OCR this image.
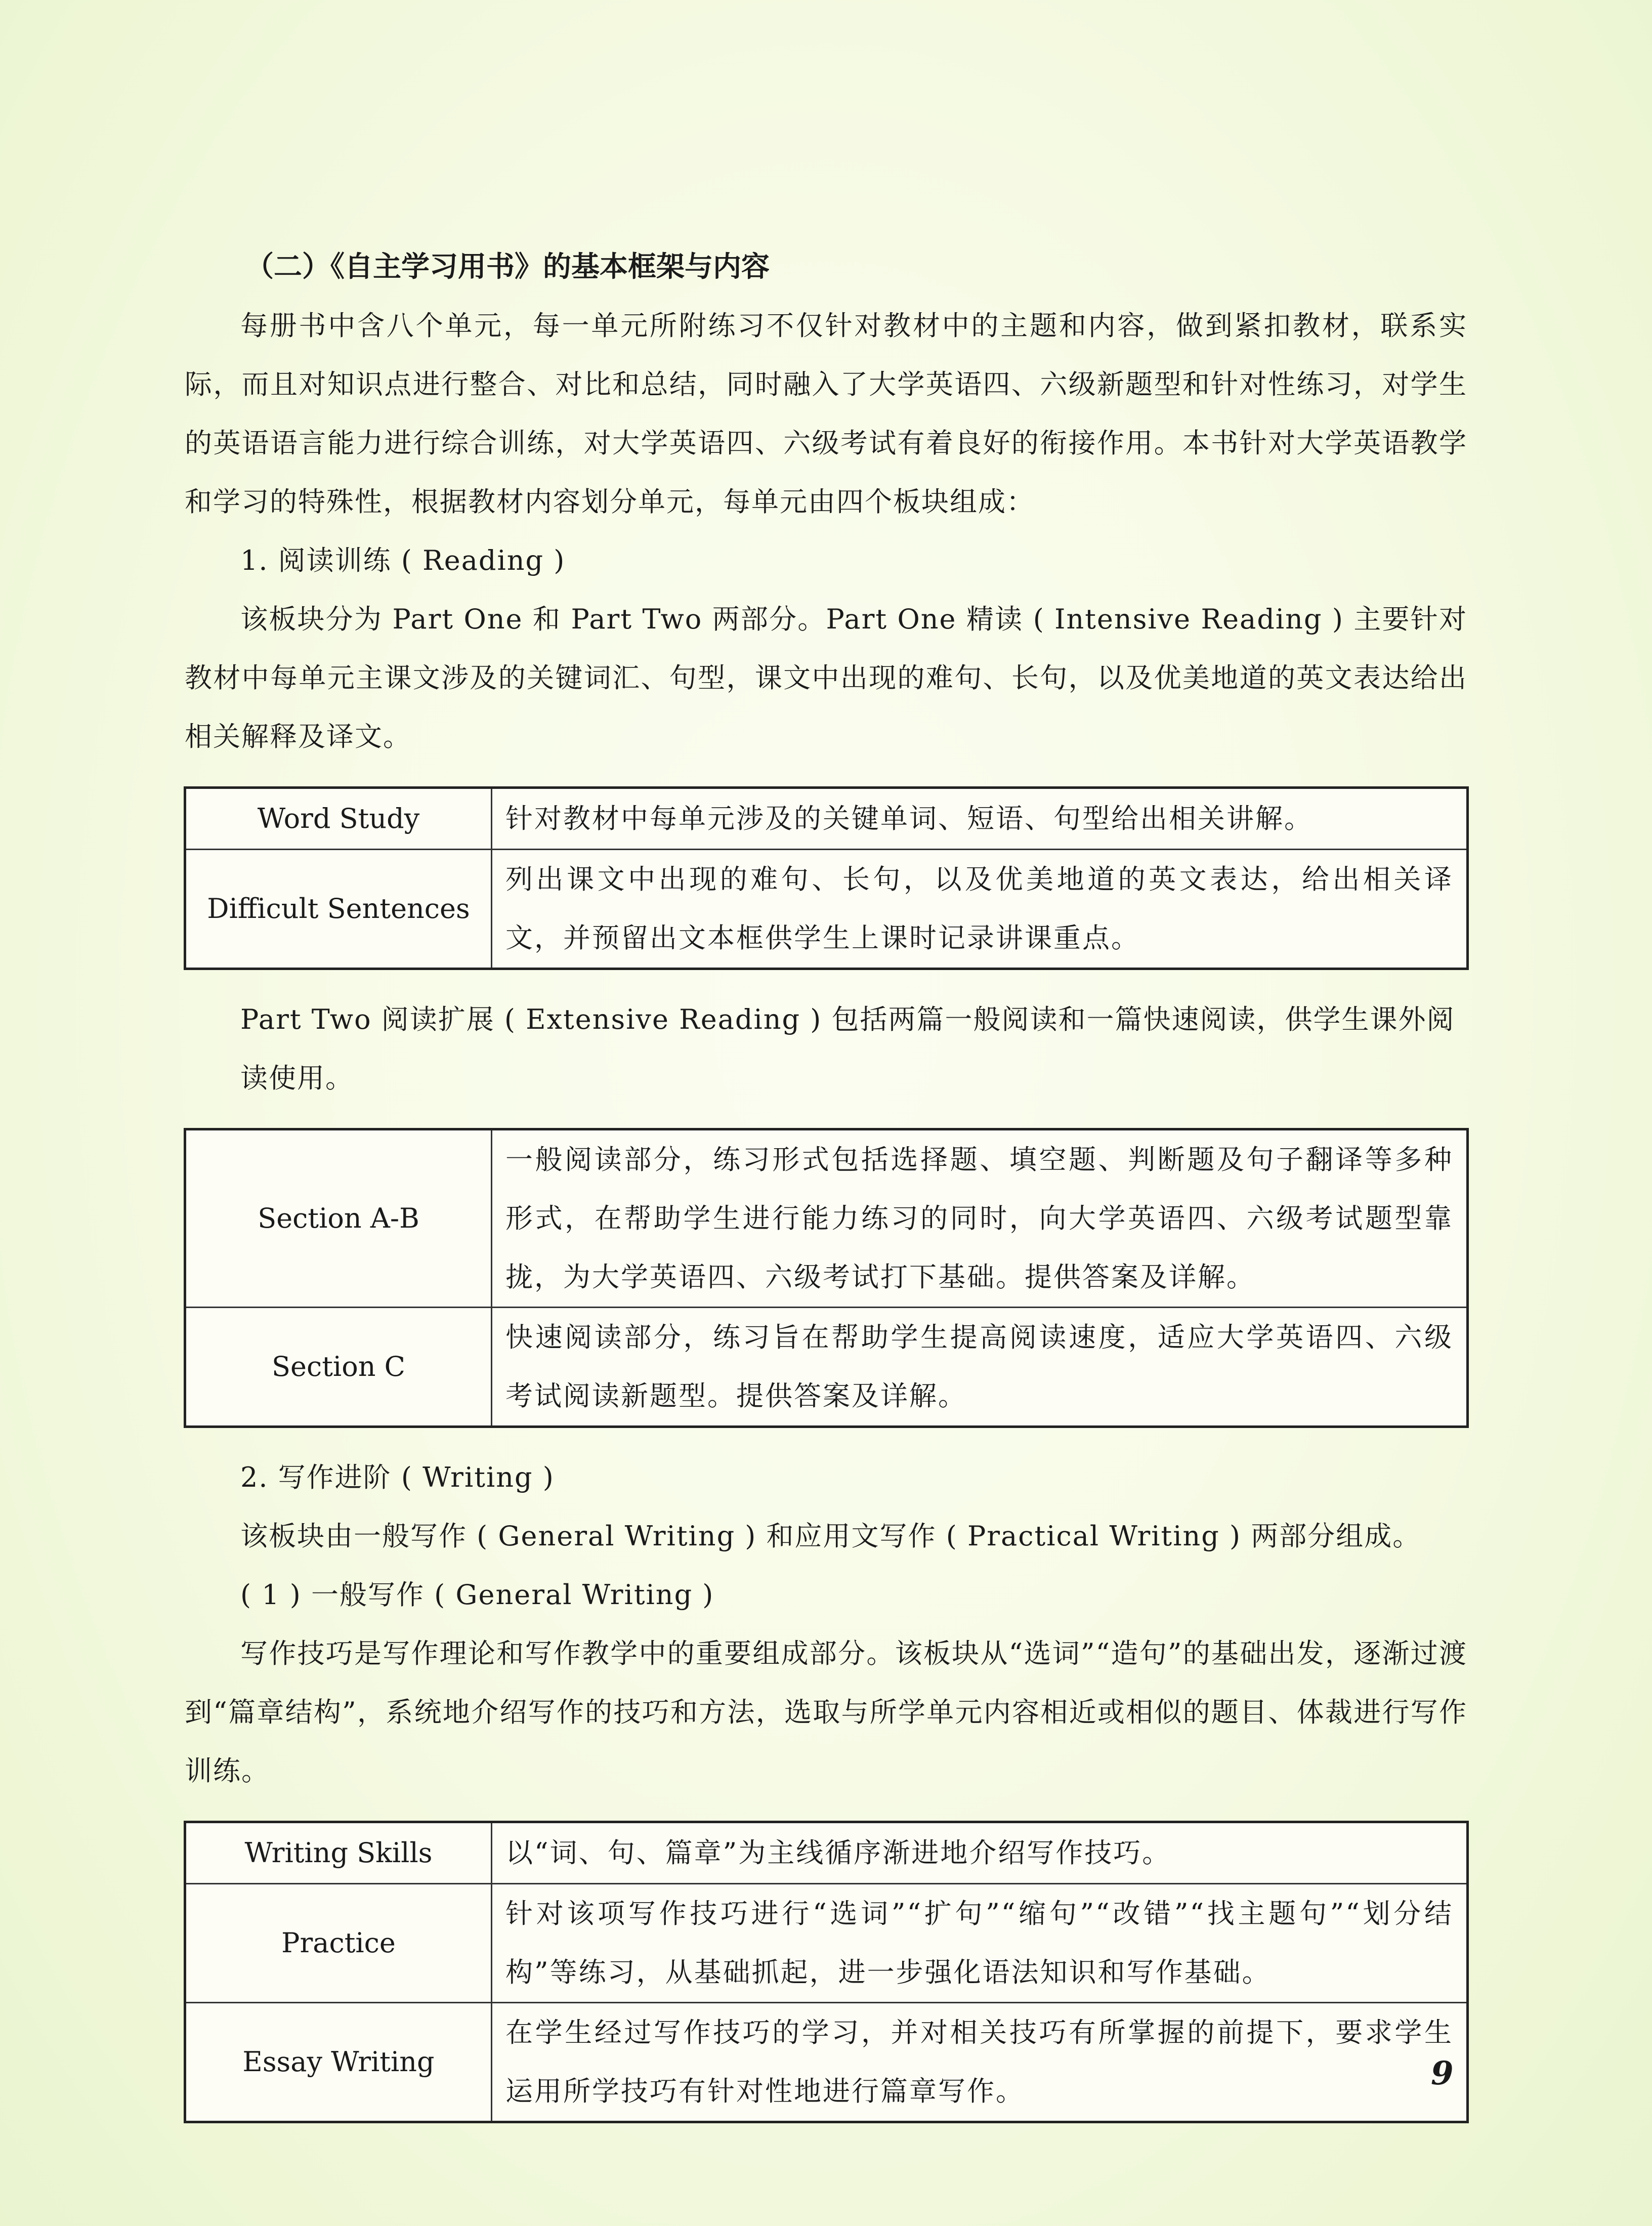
（二）《自主学习用书》的基本框架与内容
每册书中含八个单元，每一单元所附练习不仅针对教材中的主题和内容，做到紧扣教材，联系实际，而且对知识点进行整合、对比和总结，同时融入了大学英语四、六级新题型和针对性练习，对学生的英语语言能力进行综合训练，对大学英语四、六级考试有着良好的衔接作用。本书针对大学英语教学和学习的特殊性，根据教材内容划分单元，每单元由四个板块组成：
1. 阅读训练 ( Reading )
该板块分为 Part One 和 Part Two 两部分。Part One 精读 ( Intensive Reading ) 主要针对教材中每单元主课文涉及的关键词汇、句型，课文中出现的难句、长句，以及优美地道的英文表达给出相关解释及译文。
Word Study	针对教材中每单元涉及的关键单词、短语、句型给出相关讲解。
Difficult Sentences	列出课文中出现的难句、长句，以及优美地道的英文表达，给出相关译文，并预留出文本框供学生上课时记录讲课重点。
Part Two 阅读扩展 ( Extensive Reading ) 包括两篇一般阅读和一篇快速阅读，供学生课外阅读使用。
Section A-B	一般阅读部分，练习形式包括选择题、填空题、判断题及句子翻译等多种形式，在帮助学生进行能力练习的同时，向大学英语四、六级考试题型靠拢，为大学英语四、六级考试打下基础。提供答案及详解。
Section C	快速阅读部分，练习旨在帮助学生提高阅读速度，适应大学英语四、六级考试阅读新题型。提供答案及详解。
2. 写作进阶 ( Writing )
该板块由一般写作 ( General Writing ) 和应用文写作 ( Practical Writing ) 两部分组成。
( 1 ) 一般写作 ( General Writing )
写作技巧是写作理论和写作教学中的重要组成部分。该板块从“选词”“造句”的基础出发，逐渐过渡到“篇章结构”，系统地介绍写作的技巧和方法，选取与所学单元内容相近或相似的题目、体裁进行写作训练。
Writing Skills	以“词、句、篇章”为主线循序渐进地介绍写作技巧。
Practice	针对该项写作技巧进行“选词”“扩句”“缩句”“改错”“找主题句”“划分结构”等练习，从基础抓起，进一步强化语法知识和写作基础。
Essay Writing	在学生经过写作技巧的学习，并对相关技巧有所掌握的前提下，要求学生运用所学技巧有针对性地进行篇章写作。	9
